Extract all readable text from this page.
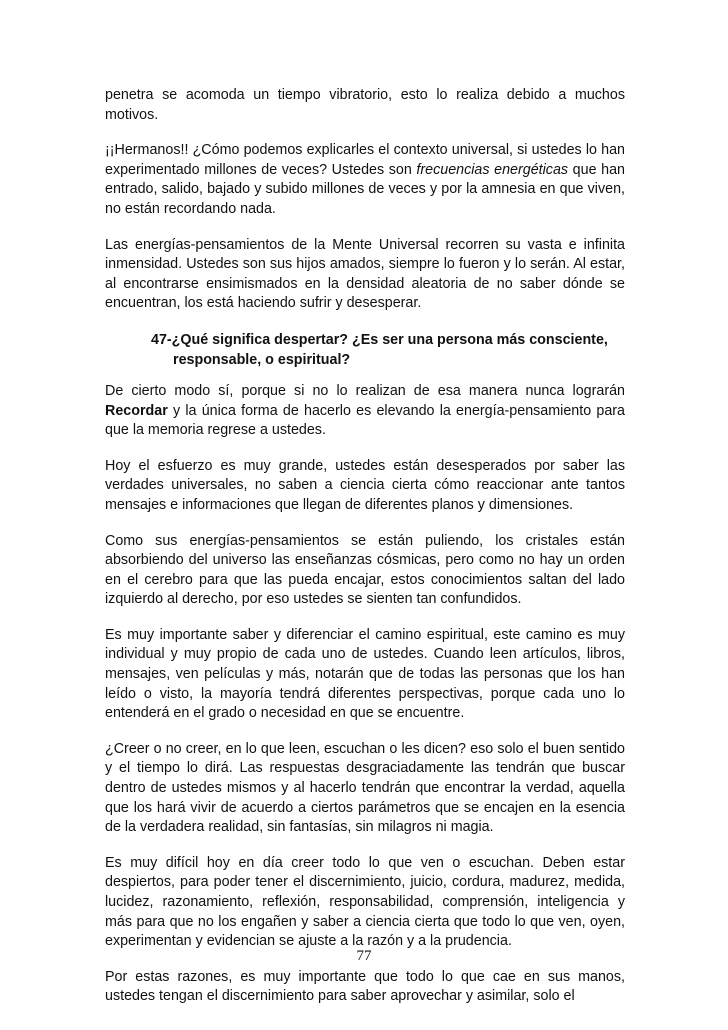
penetra se acomoda un tiempo vibratorio, esto lo realiza debido a muchos motivos.

¡¡Hermanos!! ¿Cómo podemos explicarles el contexto universal, si ustedes lo han experimentado millones de veces? Ustedes son frecuencias energéticas que han entrado, salido, bajado y subido millones de veces y por la amnesia en que viven, no están recordando nada.

Las energías-pensamientos de la Mente Universal recorren su vasta e infinita inmensidad. Ustedes son sus hijos amados, siempre lo fueron y lo serán. Al estar, al encontrarse ensimismados en la densidad aleatoria de no saber dónde se encuentran, los está haciendo sufrir y desesperar.

47-¿Qué significa despertar? ¿Es ser una persona más consciente, responsable, o espiritual?

De cierto modo sí, porque si no lo realizan de esa manera nunca lograrán Recordar y la única forma de hacerlo es elevando la energía-pensamiento para que la memoria regrese a ustedes.

Hoy el esfuerzo es muy grande, ustedes están desesperados por saber las verdades universales, no saben a ciencia cierta cómo reaccionar ante tantos mensajes e informaciones que llegan de diferentes planos y dimensiones.

Como sus energías-pensamientos se están puliendo, los cristales están absorbiendo del universo las enseñanzas cósmicas, pero como no hay un orden en el cerebro para que las pueda encajar, estos conocimientos saltan del lado izquierdo al derecho, por eso ustedes se sienten tan confundidos.

Es muy importante saber y diferenciar el camino espiritual, este camino es muy individual y muy propio de cada uno de ustedes. Cuando leen artículos, libros, mensajes, ven películas y más, notarán que de todas las personas que los han leído o visto, la mayoría tendrá diferentes perspectivas, porque cada uno lo entenderá en el grado o necesidad en que se encuentre.

¿Creer o no creer, en lo que leen, escuchan o les dicen? eso solo el buen sentido y el tiempo lo dirá. Las respuestas desgraciadamente las tendrán que buscar dentro de ustedes mismos y al hacerlo tendrán que encontrar la verdad, aquella que los hará vivir de acuerdo a ciertos parámetros que se encajen en la esencia de la verdadera realidad, sin fantasías, sin milagros ni magia.

Es muy difícil hoy en día creer todo lo que ven o escuchan. Deben estar despiertos, para poder tener el discernimiento, juicio, cordura, madurez, medida, lucidez, razonamiento, reflexión, responsabilidad, comprensión, inteligencia y más para que no los engañen y saber a ciencia cierta que todo lo que ven, oyen, experimentan y evidencian se ajuste a la razón y a la prudencia.

Por estas razones, es muy importante que todo lo que cae en sus manos, ustedes tengan el discernimiento para saber aprovechar y asimilar, solo el

77
